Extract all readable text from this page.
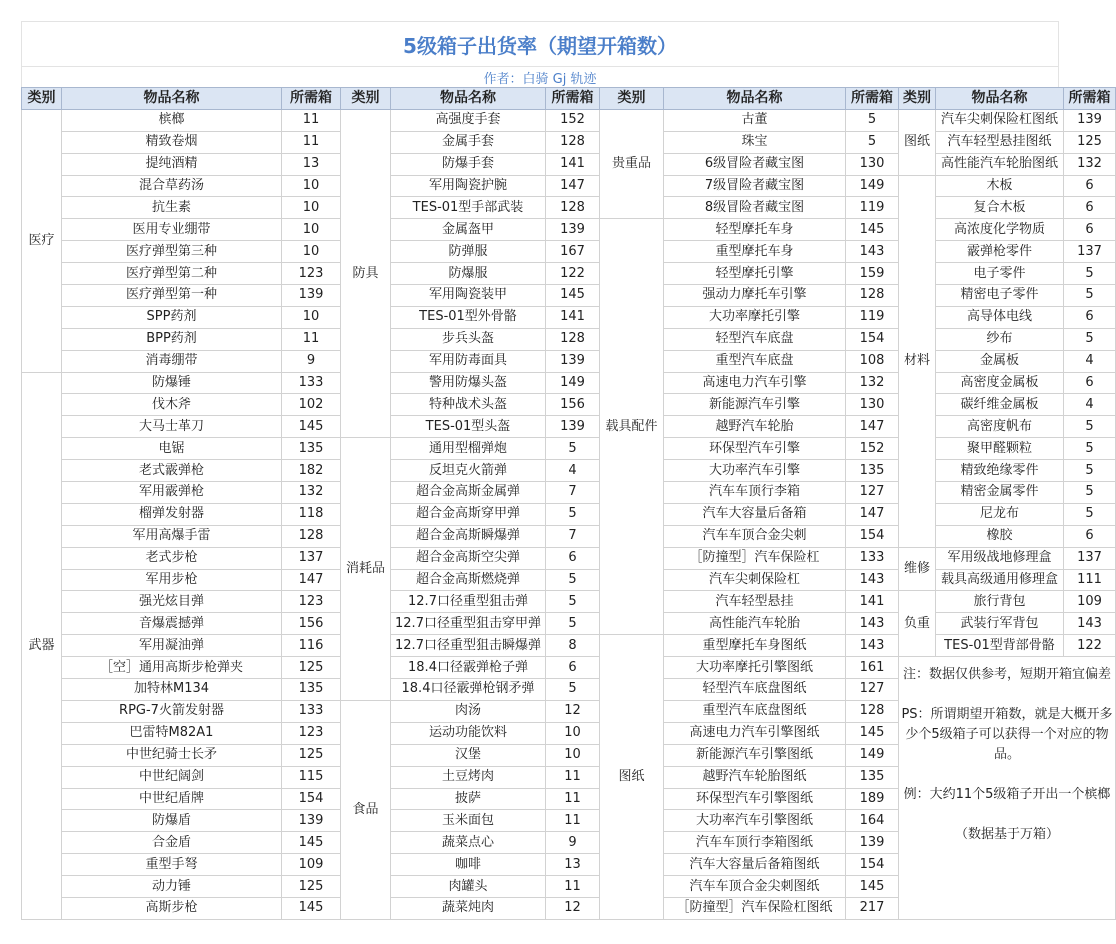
5级箱子出货率（期望开箱数）
作者：白骑 Gj 轨迹
类别	物品名称	所需箱	类别	物品名称	所需箱	类别	物品名称	所需箱	类别	物品名称	所需箱
医疗	槟榔	11	防具	高强度手套	152	贵重品	古董	5	图纸	汽车尖刺保险杠图纸	139
	精致卷烟	11		金属手套	128		珠宝	5		汽车轻型悬挂图纸	125
	提纯酒精	13		防爆手套	141		6级冒险者藏宝图	130		高性能汽车轮胎图纸	132
	混合草药汤	10		军用陶瓷护腕	147		7级冒险者藏宝图	149	材料	木板	6
	抗生素	10		TES-01型手部武装	128		8级冒险者藏宝图	119		复合木板	6
	医用专业绷带	10		金属盔甲	139	载具配件	轻型摩托车身	145		高浓度化学物质	6
	医疗弹型第三种	10		防弹服	167		重型摩托车身	143		霰弹枪零件	137
	医疗弹型第二种	123		防爆服	122		轻型摩托引擎	159		电子零件	5
	医疗弹型第一种	139		军用陶瓷装甲	145		强动力摩托车引擎	128		精密电子零件	5
	SPP药剂	10		TES-01型外骨骼	141		大功率摩托引擎	119		高导体电线	6
	BPP药剂	11		步兵头盔	128		轻型汽车底盘	154		纱布	5
	消毒绷带	9		军用防毒面具	139		重型汽车底盘	108		金属板	4
武器	防爆锤	133		警用防爆头盔	149		高速电力汽车引擎	132		高密度金属板	6
	伐木斧	102		特种战术头盔	156		新能源汽车引擎	130		碳纤维金属板	4
	大马士革刀	145		TES-01型头盔	139		越野汽车轮胎	147		高密度帆布	5
	电锯	135	消耗品	通用型榴弹炮	5		环保型汽车引擎	152		聚甲醛颗粒	5
	老式霰弹枪	182		反坦克火箭弹	4		大功率汽车引擎	135		精致绝缘零件	5
	军用霰弹枪	132		超合金高斯金属弹	7		汽车车顶行李箱	127		精密金属零件	5
	榴弹发射器	118		超合金高斯穿甲弹	5		汽车大容量后备箱	147		尼龙布	5
	军用高爆手雷	128		超合金高斯瞬爆弹	7		汽车车顶合金尖刺	154		橡胶	6
	老式步枪	137		超合金高斯空尖弹	6		［防撞型］汽车保险杠	133	维修	军用级战地修理盒	137
	军用步枪	147		超合金高斯燃烧弹	5		汽车尖刺保险杠	143		载具高级通用修理盒	111
	强光炫目弹	123		12.7口径重型狙击弹	5		汽车轻型悬挂	141	负重	旅行背包	109
	音爆震撼弹	156		12.7口径重型狙击穿甲弹	5		高性能汽车轮胎	143		武装行军背包	143
	军用凝油弹	116		12.7口径重型狙击瞬爆弹	8	图纸	重型摩托车身图纸	143		TES-01型背部骨骼	122
	［空］通用高斯步枪弹夹	125		18.4口径霰弹枪子弹	6		大功率摩托引擎图纸	161	注：数据仅供参考，短期开箱宜偏差

PS：所谓期望开箱数，就是大概开多少个5级箱子可以获得一个对应的物品。

例：大约11个5级箱子开出一个槟榔

（数据基于万箱）		

	加特林M134	135		18.4口径霰弹枪钢矛弹	5		轻型汽车底盘图纸	127			
	RPG-7火箭发射器	133	食品	肉汤	12		重型汽车底盘图纸	128			
	巴雷特M82A1	123		运动功能饮料	10		高速电力汽车引擎图纸	145			
	中世纪骑士长矛	125		汉堡	10		新能源汽车引擎图纸	149			
	中世纪阔剑	115		土豆烤肉	11		越野汽车轮胎图纸	135			
	中世纪盾牌	154		披萨	11		环保型汽车引擎图纸	189			
	防爆盾	139		玉米面包	11		大功率汽车引擎图纸	164			
	合金盾	145		蔬菜点心	9		汽车车顶行李箱图纸	139			
	重型手弩	109		咖啡	13		汽车大容量后备箱图纸	154			
	动力锤	125		肉罐头	11		汽车车顶合金尖刺图纸	145			
	高斯步枪	145		蔬菜炖肉	12		［防撞型］汽车保险杠图纸	217			
